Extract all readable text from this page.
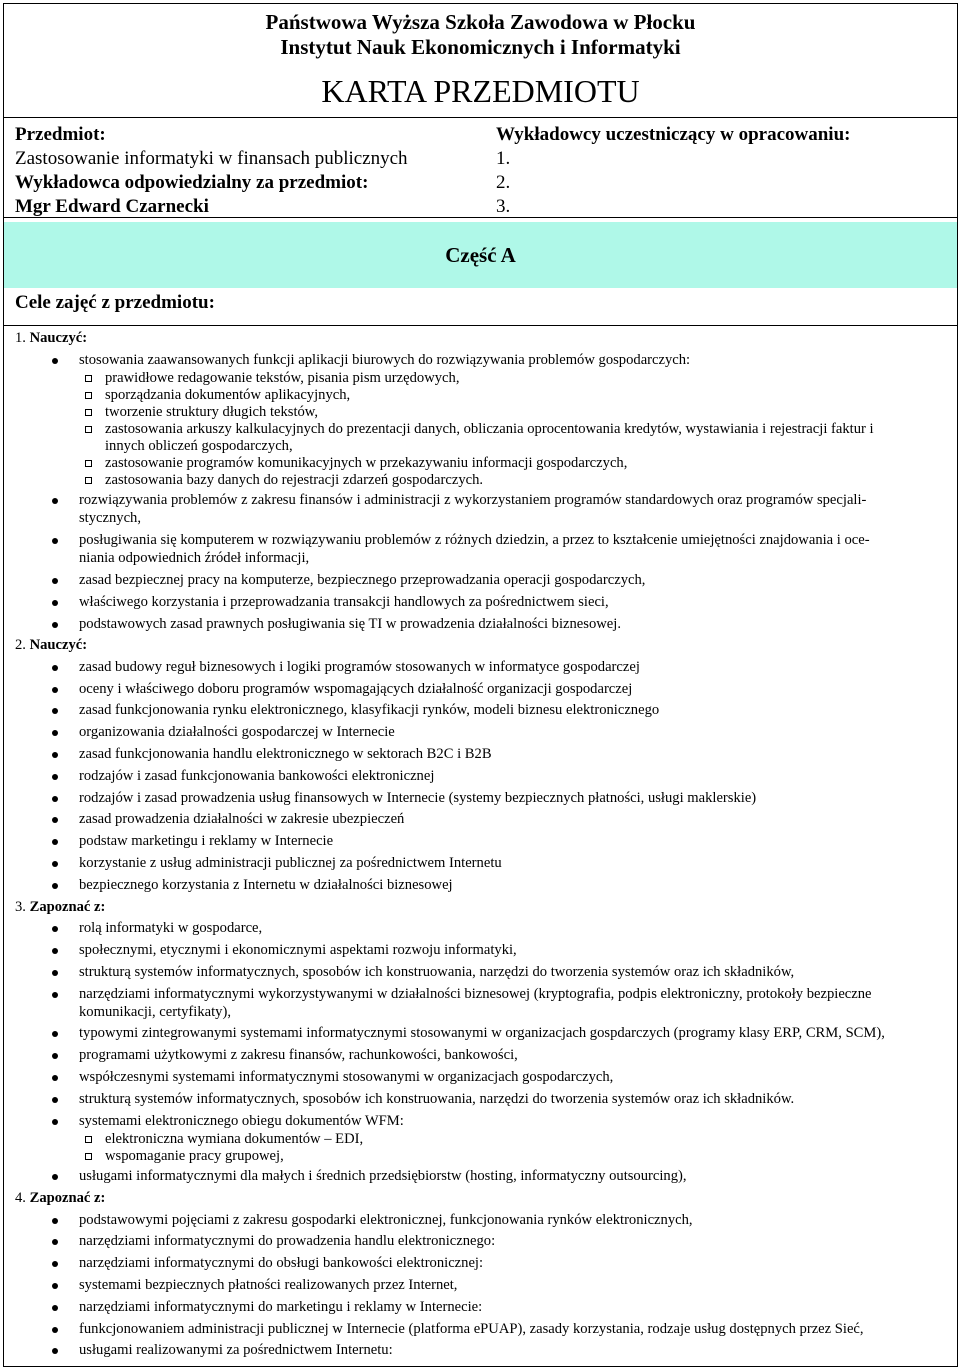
Państwowa Wyższa Szkoła Zawodowa w Płocku
Instytut Nauk Ekonomicznych i Informatyki
KARTA PRZEDMIOTU
Przedmiot:
Zastosowanie informatyki w finansach publicznych
Wykładowca odpowiedzialny za przedmiot:
Mgr Edward Czarnecki
Wykładowcy uczestniczący w opracowaniu:
1.
2.
3.
Część A
Cele zajęć z przedmiotu:
1. Nauczyć:
stosowania zaawansowanych funkcji aplikacji biurowych do rozwiązywania problemów gospodarczych:
prawidłowe redagowanie tekstów, pisania pism urzędowych,
sporządzania dokumentów aplikacyjnych,
tworzenie struktury długich tekstów,
zastosowania arkuszy kalkulacyjnych do prezentacji danych, obliczania oprocentowania kredytów, wystawiania i rejestracji faktur i
innych obliczeń gospodarczych,
zastosowanie programów komunikacyjnych w przekazywaniu informacji gospodarczych,
zastosowania bazy danych do rejestracji zdarzeń gospodarczych.
rozwiązywania problemów z zakresu finansów i administracji z wykorzystaniem programów standardowych oraz programów specjali-
stycznych,
posługiwania się komputerem w rozwiązywaniu problemów z różnych dziedzin, a przez to kształcenie umiejętności znajdowania i oce-
niania odpowiednich źródeł informacji,
zasad bezpiecznej pracy na komputerze, bezpiecznego przeprowadzania operacji gospodarczych,
właściwego korzystania i przeprowadzania transakcji handlowych za pośrednictwem sieci,
podstawowych zasad prawnych posługiwania się TI w prowadzenia działalności biznesowej.
2. Nauczyć:
zasad budowy reguł biznesowych i logiki programów stosowanych w informatyce gospodarczej
oceny i właściwego doboru programów wspomagających działalność organizacji gospodarczej
zasad funkcjonowania rynku elektronicznego, klasyfikacji rynków, modeli biznesu elektronicznego
organizowania działalności gospodarczej w Internecie
zasad funkcjonowania handlu elektronicznego w sektorach B2C i B2B
rodzajów i zasad funkcjonowania bankowości elektronicznej
rodzajów i zasad prowadzenia usług finansowych w Internecie (systemy bezpiecznych płatności, usługi maklerskie)
zasad prowadzenia działalności w zakresie ubezpieczeń
podstaw marketingu i reklamy w Internecie
korzystanie z usług administracji publicznej za pośrednictwem Internetu
bezpiecznego korzystania z Internetu w działalności biznesowej
3. Zapoznać z:
rolą informatyki w gospodarce,
społecznymi, etycznymi i ekonomicznymi aspektami rozwoju informatyki,
strukturą systemów informatycznych, sposobów ich konstruowania, narzędzi do tworzenia systemów oraz ich składników,
narzędziami informatycznymi wykorzystywanymi w działalności biznesowej (kryptografia, podpis elektroniczny, protokoły bezpieczne
komunikacji, certyfikaty),
typowymi zintegrowanymi systemami informatycznymi stosowanymi w organizacjach gospdarczych (programy klasy ERP, CRM, SCM),
programami użytkowymi z zakresu finansów, rachunkowości, bankowości,
współczesnymi systemami informatycznymi stosowanymi w organizacjach gospodarczych,
strukturą systemów informatycznych, sposobów ich konstruowania, narzędzi do tworzenia systemów oraz ich składników.
systemami elektronicznego obiegu dokumentów WFM:
elektroniczna wymiana dokumentów – EDI,
wspomaganie pracy grupowej,
usługami informatycznymi dla małych i średnich przedsiębiorstw (hosting, informatyczny outsourcing),
4. Zapoznać z:
podstawowymi pojęciami z zakresu gospodarki elektronicznej, funkcjonowania rynków elektronicznych,
narzędziami informatycznymi do prowadzenia handlu elektronicznego:
narzędziami informatycznymi do obsługi bankowości elektronicznej:
systemami bezpiecznych płatności realizowanych przez Internet,
narzędziami informatycznymi do marketingu i reklamy w Internecie:
funkcjonowaniem administracji publicznej w Internecie (platforma ePUAP), zasady korzystania, rodzaje usług dostępnych przez Sieć,
usługami realizowanymi za pośrednictwem Internetu:
